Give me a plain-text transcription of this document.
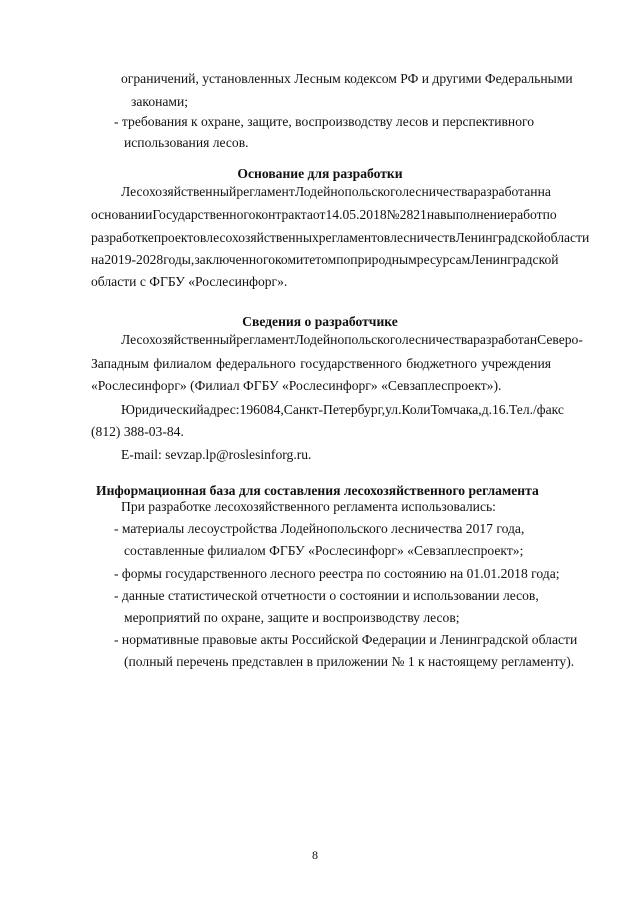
ограничений, установленных Лесным кодексом РФ и другими Федеральными
законами;
- требования к охране, защите, воспроизводству лесов и перспективного
использования лесов.
Основание для разработки
Лесохозяйственный регламент Лодейнопольского лесничества разработан на
основании Государственного контракта от 14.05.2018 № 2821 на выполнение работ по
разработке проектов лесохозяйственных регламентов лесничеств Ленинградской области
на 2019-2028 годы, заключенного комитетом по природным ресурсам Ленинградской
области с ФГБУ «Рослесинфорг».
Сведения о разработчике
Лесохозяйственный регламент Лодейнопольского лесничества разработан Северо-
Западным филиалом федерального государственного бюджетного учреждения
«Рослесинфорг» (Филиал ФГБУ «Рослесинфорг» «Севзаплеспроект»).
Юридический адрес: 196084, Санкт-Петербург, ул. Коли Томчака, д.16. Тел./факс
(812) 388-03-84.
E-mail: sevzap.lp@roslesinforg.ru.
Информационная база для составления лесохозяйственного регламента
При разработке лесохозяйственного регламента использовались:
- материалы лесоустройства Лодейнопольского лесничества 2017 года,
составленные филиалом ФГБУ «Рослесинфорг» «Севзаплеспроект»;
- формы государственного лесного реестра по состоянию на 01.01.2018 года;
- данные статистической отчетности о состоянии и использовании лесов,
мероприятий по охране, защите и воспроизводству лесов;
- нормативные правовые акты Российской Федерации и Ленинградской области
(полный перечень представлен в приложении № 1 к настоящему регламенту).
8
